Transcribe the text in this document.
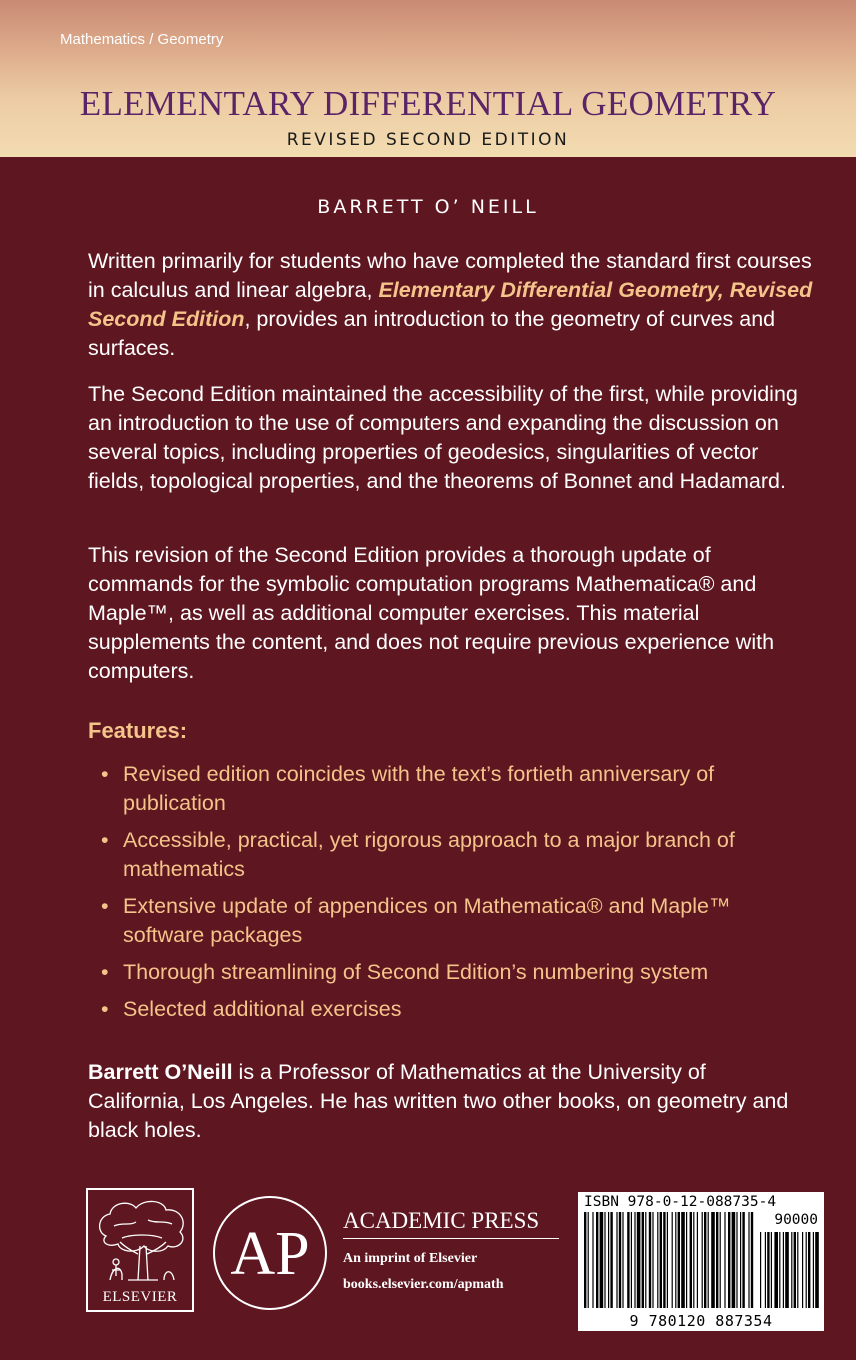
Mathematics / Geometry
ELEMENTARY DIFFERENTIAL GEOMETRY
REVISED SECOND EDITION
BARRETT O’ NEILL

Written primarily for students who have completed the standard first courses in calculus and linear algebra, Elementary Differential Geometry, Revised Second Edition, provides an introduction to the geometry of curves and surfaces.

The Second Edition maintained the accessibility of the first, while providing an introduction to the use of computers and expanding the discussion on several topics, including properties of geodesics, singularities of vector fields, topological properties, and the theorems of Bonnet and Hadamard.

This revision of the Second Edition provides a thorough update of commands for the symbolic computation programs Mathematica® and Maple™, as well as additional computer exercises. This material supplements the content, and does not require previous experience with computers.

Features:
• Revised edition coincides with the text’s fortieth anniversary of publication
• Accessible, practical, yet rigorous approach to a major branch of mathematics
• Extensive update of appendices on Mathematica® and Maple™ software packages
• Thorough streamlining of Second Edition’s numbering system
• Selected additional exercises

Barrett O’Neill is a Professor of Mathematics at the University of California, Los Angeles. He has written two other books, on geometry and black holes.

ELSEVIER
AP ACADEMIC PRESS
An imprint of Elsevier
books.elsevier.com/apmath
ISBN 978-0-12-088735-4
90000
9 780120 887354
